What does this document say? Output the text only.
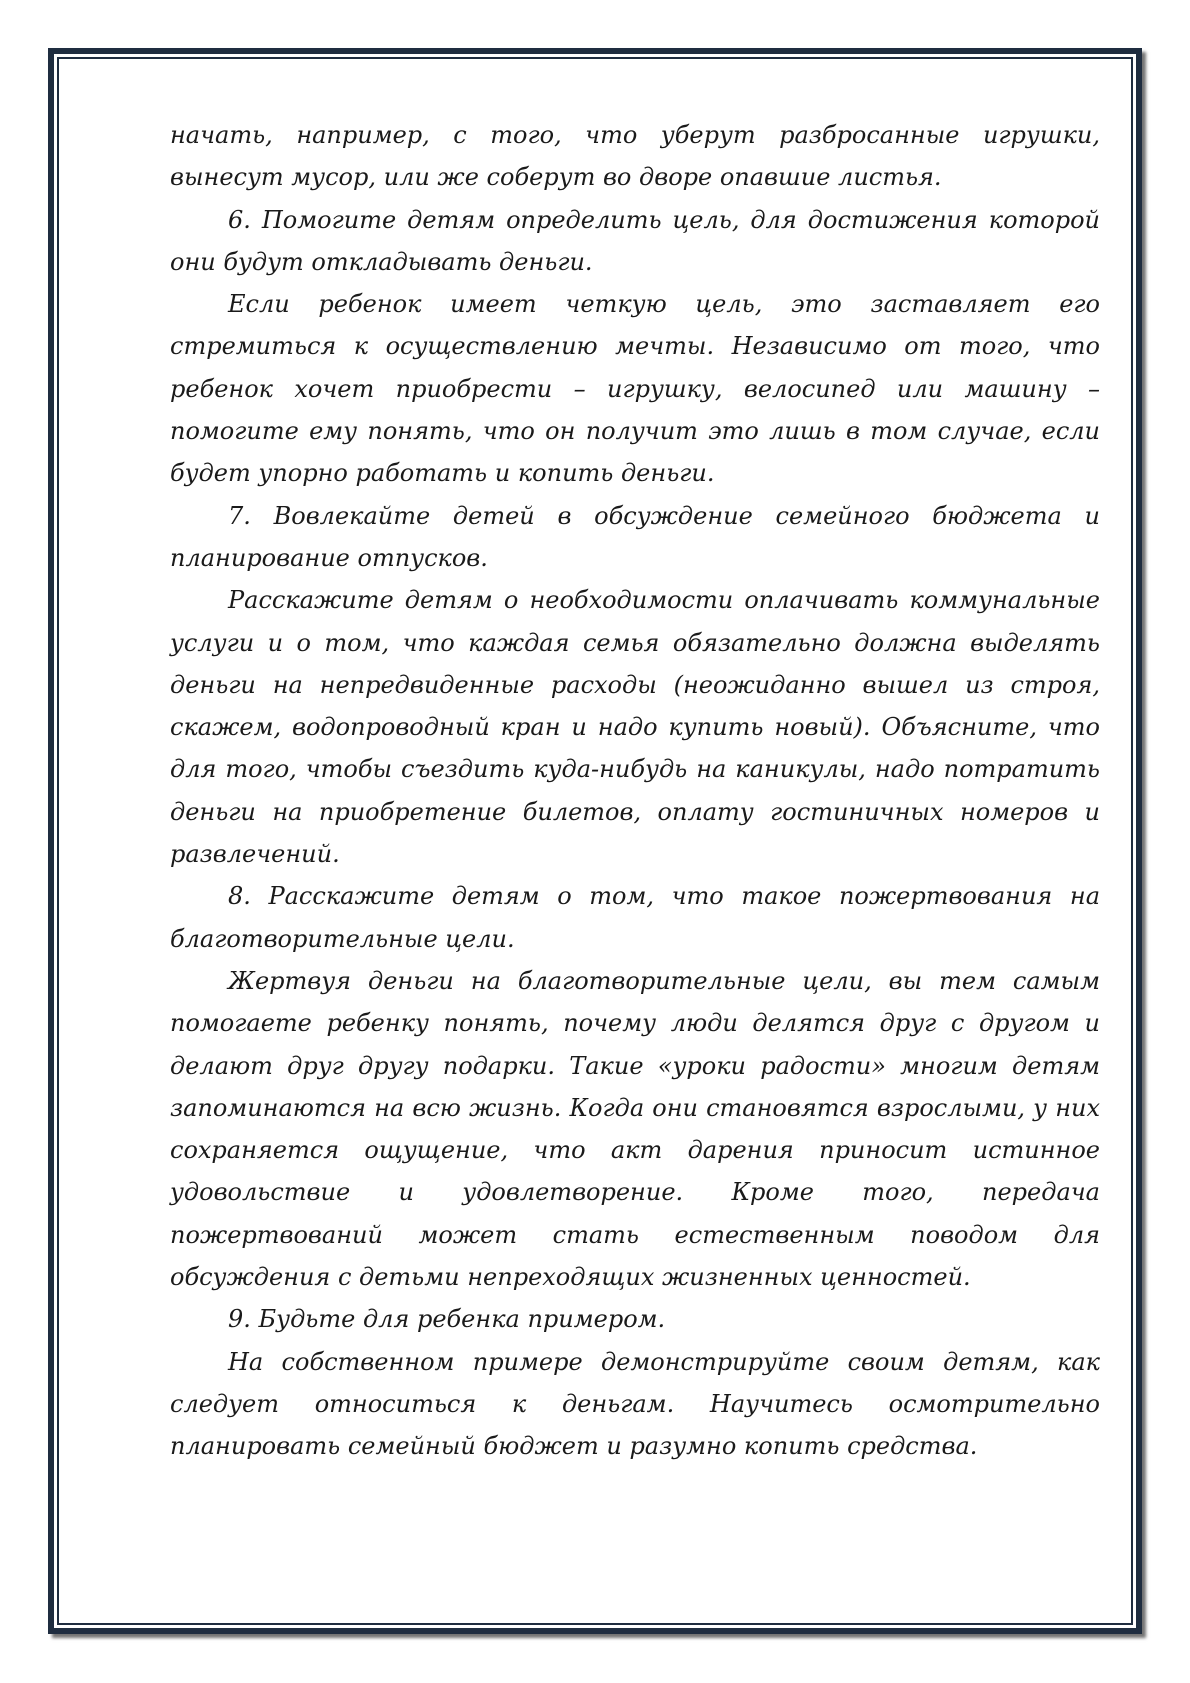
начать, например, с того, что уберут разбросанные игрушки, вынесут мусор, или же соберут во дворе опавшие листья.

6. Помогите детям определить цель, для достижения которой они будут откладывать деньги.

Если ребенок имеет четкую цель, это заставляет его стремиться к осуществлению мечты. Независимо от того, что ребенок хочет приобрести – игрушку, велосипед или машину – помогите ему понять, что он получит это лишь в том случае, если будет упорно работать и копить деньги.

7. Вовлекайте детей в обсуждение семейного бюджета и планирование отпусков.

Расскажите детям о необходимости оплачивать коммунальные услуги и о том, что каждая семья обязательно должна выделять деньги на непредвиденные расходы (неожиданно вышел из строя, скажем, водопроводный кран и надо купить новый). Объясните, что для того, чтобы съездить куда-нибудь на каникулы, надо потратить деньги на приобретение билетов, оплату гостиничных номеров и развлечений.

8. Расскажите детям о том, что такое пожертвования на благотворительные цели.

Жертвуя деньги на благотворительные цели, вы тем самым помогаете ребенку понять, почему люди делятся друг с другом и делают друг другу подарки. Такие «уроки радости» многим детям запоминаются на всю жизнь. Когда они становятся взрослыми, у них сохраняется ощущение, что акт дарения приносит истинное удовольствие и удовлетворение. Кроме того, передача пожертвований может стать естественным поводом для обсуждения с детьми непреходящих жизненных ценностей.

9. Будьте для ребенка примером.

На собственном примере демонстрируйте своим детям, как следует относиться к деньгам. Научитесь осмотрительно планировать семейный бюджет и разумно копить средства.
